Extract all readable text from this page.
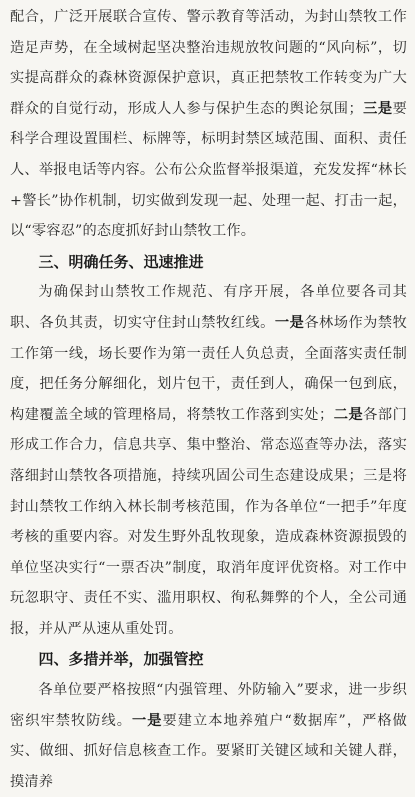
配合，广泛开展联合宣传、警示教育等活动，为封山禁牧工作造足声势，在全域树起坚决整治违规放牧问题的“风向标”，切实提高群众的森林资源保护意识，真正把禁牧工作转变为广大群众的自觉行动，形成人人参与保护生态的舆论氛围；三是要科学合理设置围栏、标牌等，标明封禁区域范围、面积、责任人、举报电话等内容。公布公众监督举报渠道，充发发挥“林长+警长”协作机制，切实做到发现一起、处理一起、打击一起，以“零容忍”的态度抓好封山禁牧工作。

三、明确任务、迅速推进

为确保封山禁牧工作规范、有序开展，各单位要各司其职、各负其责，切实守住封山禁牧红线。一是各林场作为禁牧工作第一线，场长要作为第一责任人负总责，全面落实责任制度，把任务分解细化，划片包干，责任到人，确保一包到底，构建覆盖全域的管理格局，将禁牧工作落到实处；二是各部门形成工作合力，信息共享、集中整治、常态巡查等办法，落实落细封山禁牧各项措施，持续巩固公司生态建设成果；三是将封山禁牧工作纳入林长制考核范围，作为各单位“一把手”年度考核的重要内容。对发生野外乱牧现象，造成森林资源损毁的单位坚决实行“一票否决”制度，取消年度评优资格。对工作中玩忽职守、责任不实、滥用职权、徇私舞弊的个人，全公司通报，并从严从速从重处罚。

四、多措并举，加强管控

各单位要严格按照“内强管理、外防输入”要求，进一步织密织牢禁牧防线。一是要建立本地养殖户“数据库”，严格做实、做细、抓好信息核查工作。要紧盯关键区域和关键人群，摸清养
